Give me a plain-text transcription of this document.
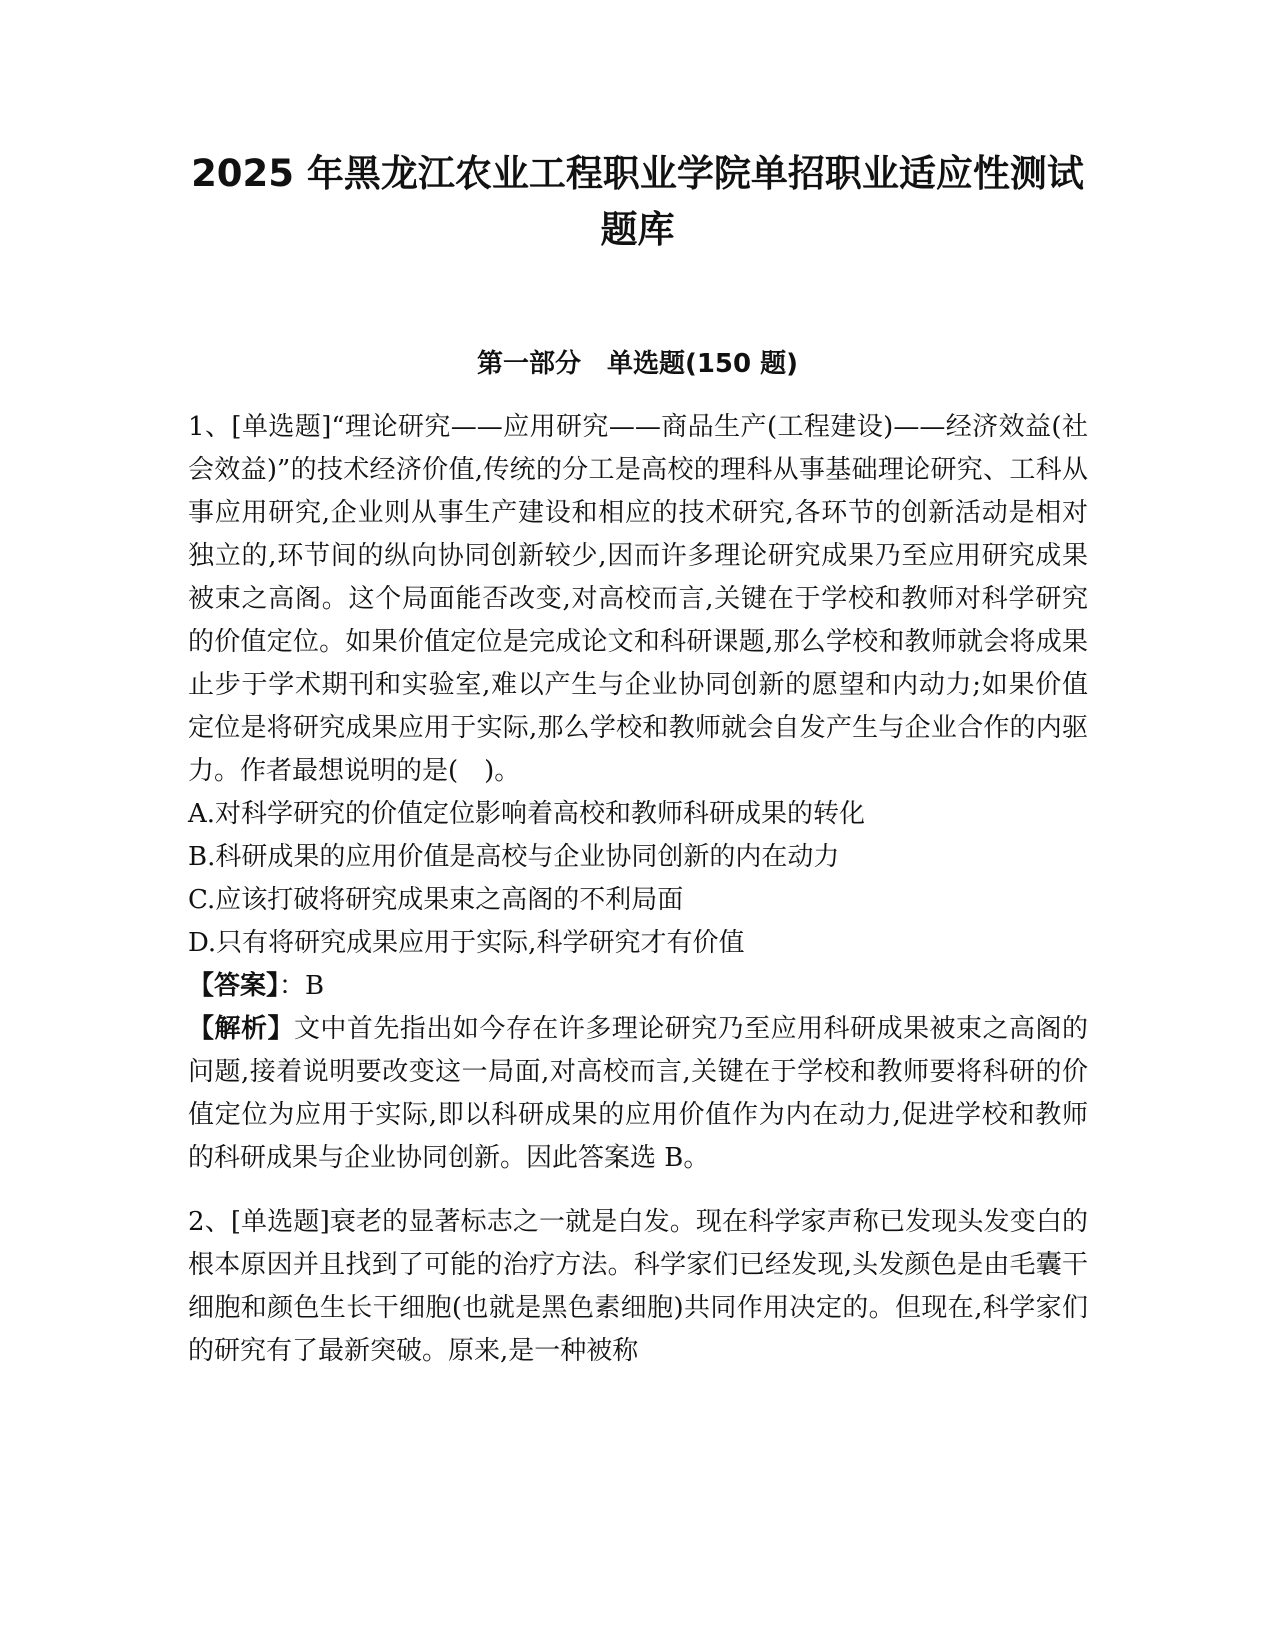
2025 年黑龙江农业工程职业学院单招职业适应性测试
题库
第一部分　单选题(150 题)

1、[单选题]“理论研究——应用研究——商品生产(工程建设)——经济效益(社会效益)”的技术经济价值,传统的分工是高校的理科从事基础理论研究、工科从事应用研究,企业则从事生产建设和相应的技术研究,各环节的创新活动是相对独立的,环节间的纵向协同创新较少,因而许多理论研究成果乃至应用研究成果被束之高阁。这个局面能否改变,对高校而言,关键在于学校和教师对科学研究的价值定位。如果价值定位是完成论文和科研课题,那么学校和教师就会将成果止步于学术期刊和实验室,难以产生与企业协同创新的愿望和内动力;如果价值定位是将研究成果应用于实际,那么学校和教师就会自发产生与企业合作的内驱力。作者最想说明的是(　)。

A.对科学研究的价值定位影响着高校和教师科研成果的转化

B.科研成果的应用价值是高校与企业协同创新的内在动力

C.应该打破将研究成果束之高阁的不利局面

D.只有将研究成果应用于实际,科学研究才有价值

【答案】：B

【解析】文中首先指出如今存在许多理论研究乃至应用科研成果被束之高阁的问题,接着说明要改变这一局面,对高校而言,关键在于学校和教师要将科研的价值定位为应用于实际,即以科研成果的应用价值作为内在动力,促进学校和教师的科研成果与企业协同创新。因此答案选 B。

2、[单选题]衰老的显著标志之一就是白发。现在科学家声称已发现头发变白的根本原因并且找到了可能的治疗方法。科学家们已经发现,头发颜色是由毛囊干细胞和颜色生长干细胞(也就是黑色素细胞)共同作用决定的。但现在,科学家们的研究有了最新突破。原来,是一种被称
